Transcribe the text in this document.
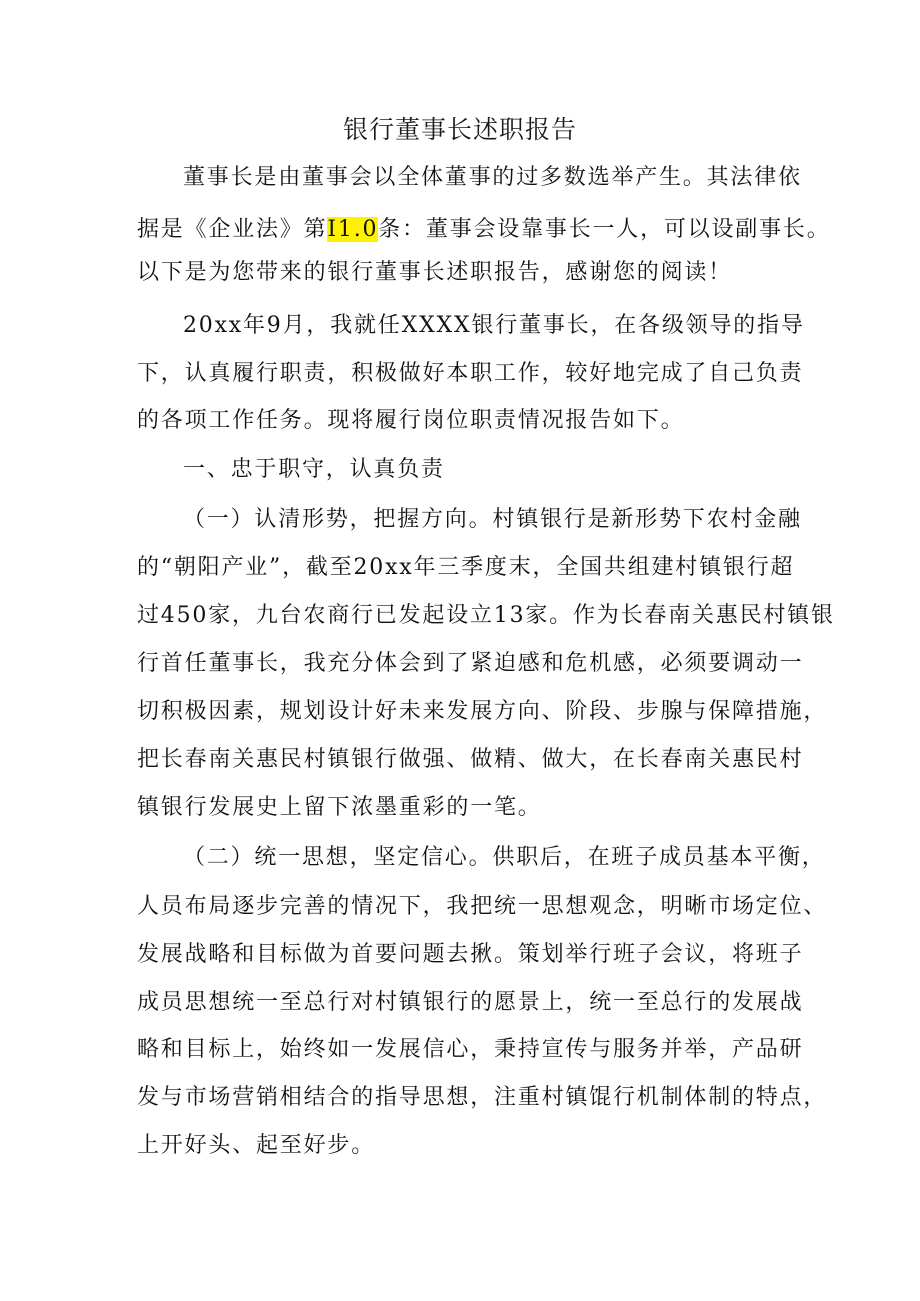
银行董事长述职报告
董事长是由董事会以全体董事的过多数选举产生。其法律依
据是《企业法》第I1.0条：董事会设靠事长一人，可以设副事长。
以下是为您带来的银行董事长述职报告，感谢您的阅读！
20xx年9月，我就任XXXX银行董事长，在各级领导的指导
下，认真履行职责，积极做好本职工作，较好地完成了自己负责
的各项工作任务。现将履行岗位职责情况报告如下。
一、忠于职守，认真负责
（一）认清形势，把握方向。村镇银行是新形势下农村金融
的“朝阳产业”，截至20xx年三季度末，全国共组建村镇银行超
过450家，九台农商行已发起设立13家。作为长春南关惠民村镇银
行首任董事长，我充分体会到了紧迫感和危机感，必须要调动一
切积极因素，规划设计好未来发展方向、阶段、步腺与保障措施，
把长春南关惠民村镇银行做强、做精、做大，在长春南关惠民村
镇银行发展史上留下浓墨重彩的一笔。
（二）统一思想，坚定信心。供职后，在班子成员基本平衡，
人员布局逐步完善的情况下，我把统一思想观念，明晰市场定位、
发展战略和目标做为首要问题去揪。策划举行班子会议，将班子
成员思想统一至总行对村镇银行的愿景上，统一至总行的发展战
略和目标上，始终如一发展信心，秉持宣传与服务并举，产品研
发与市场营销相结合的指导思想，注重村镇馄行机制体制的特点，
上开好头、起至好步。
